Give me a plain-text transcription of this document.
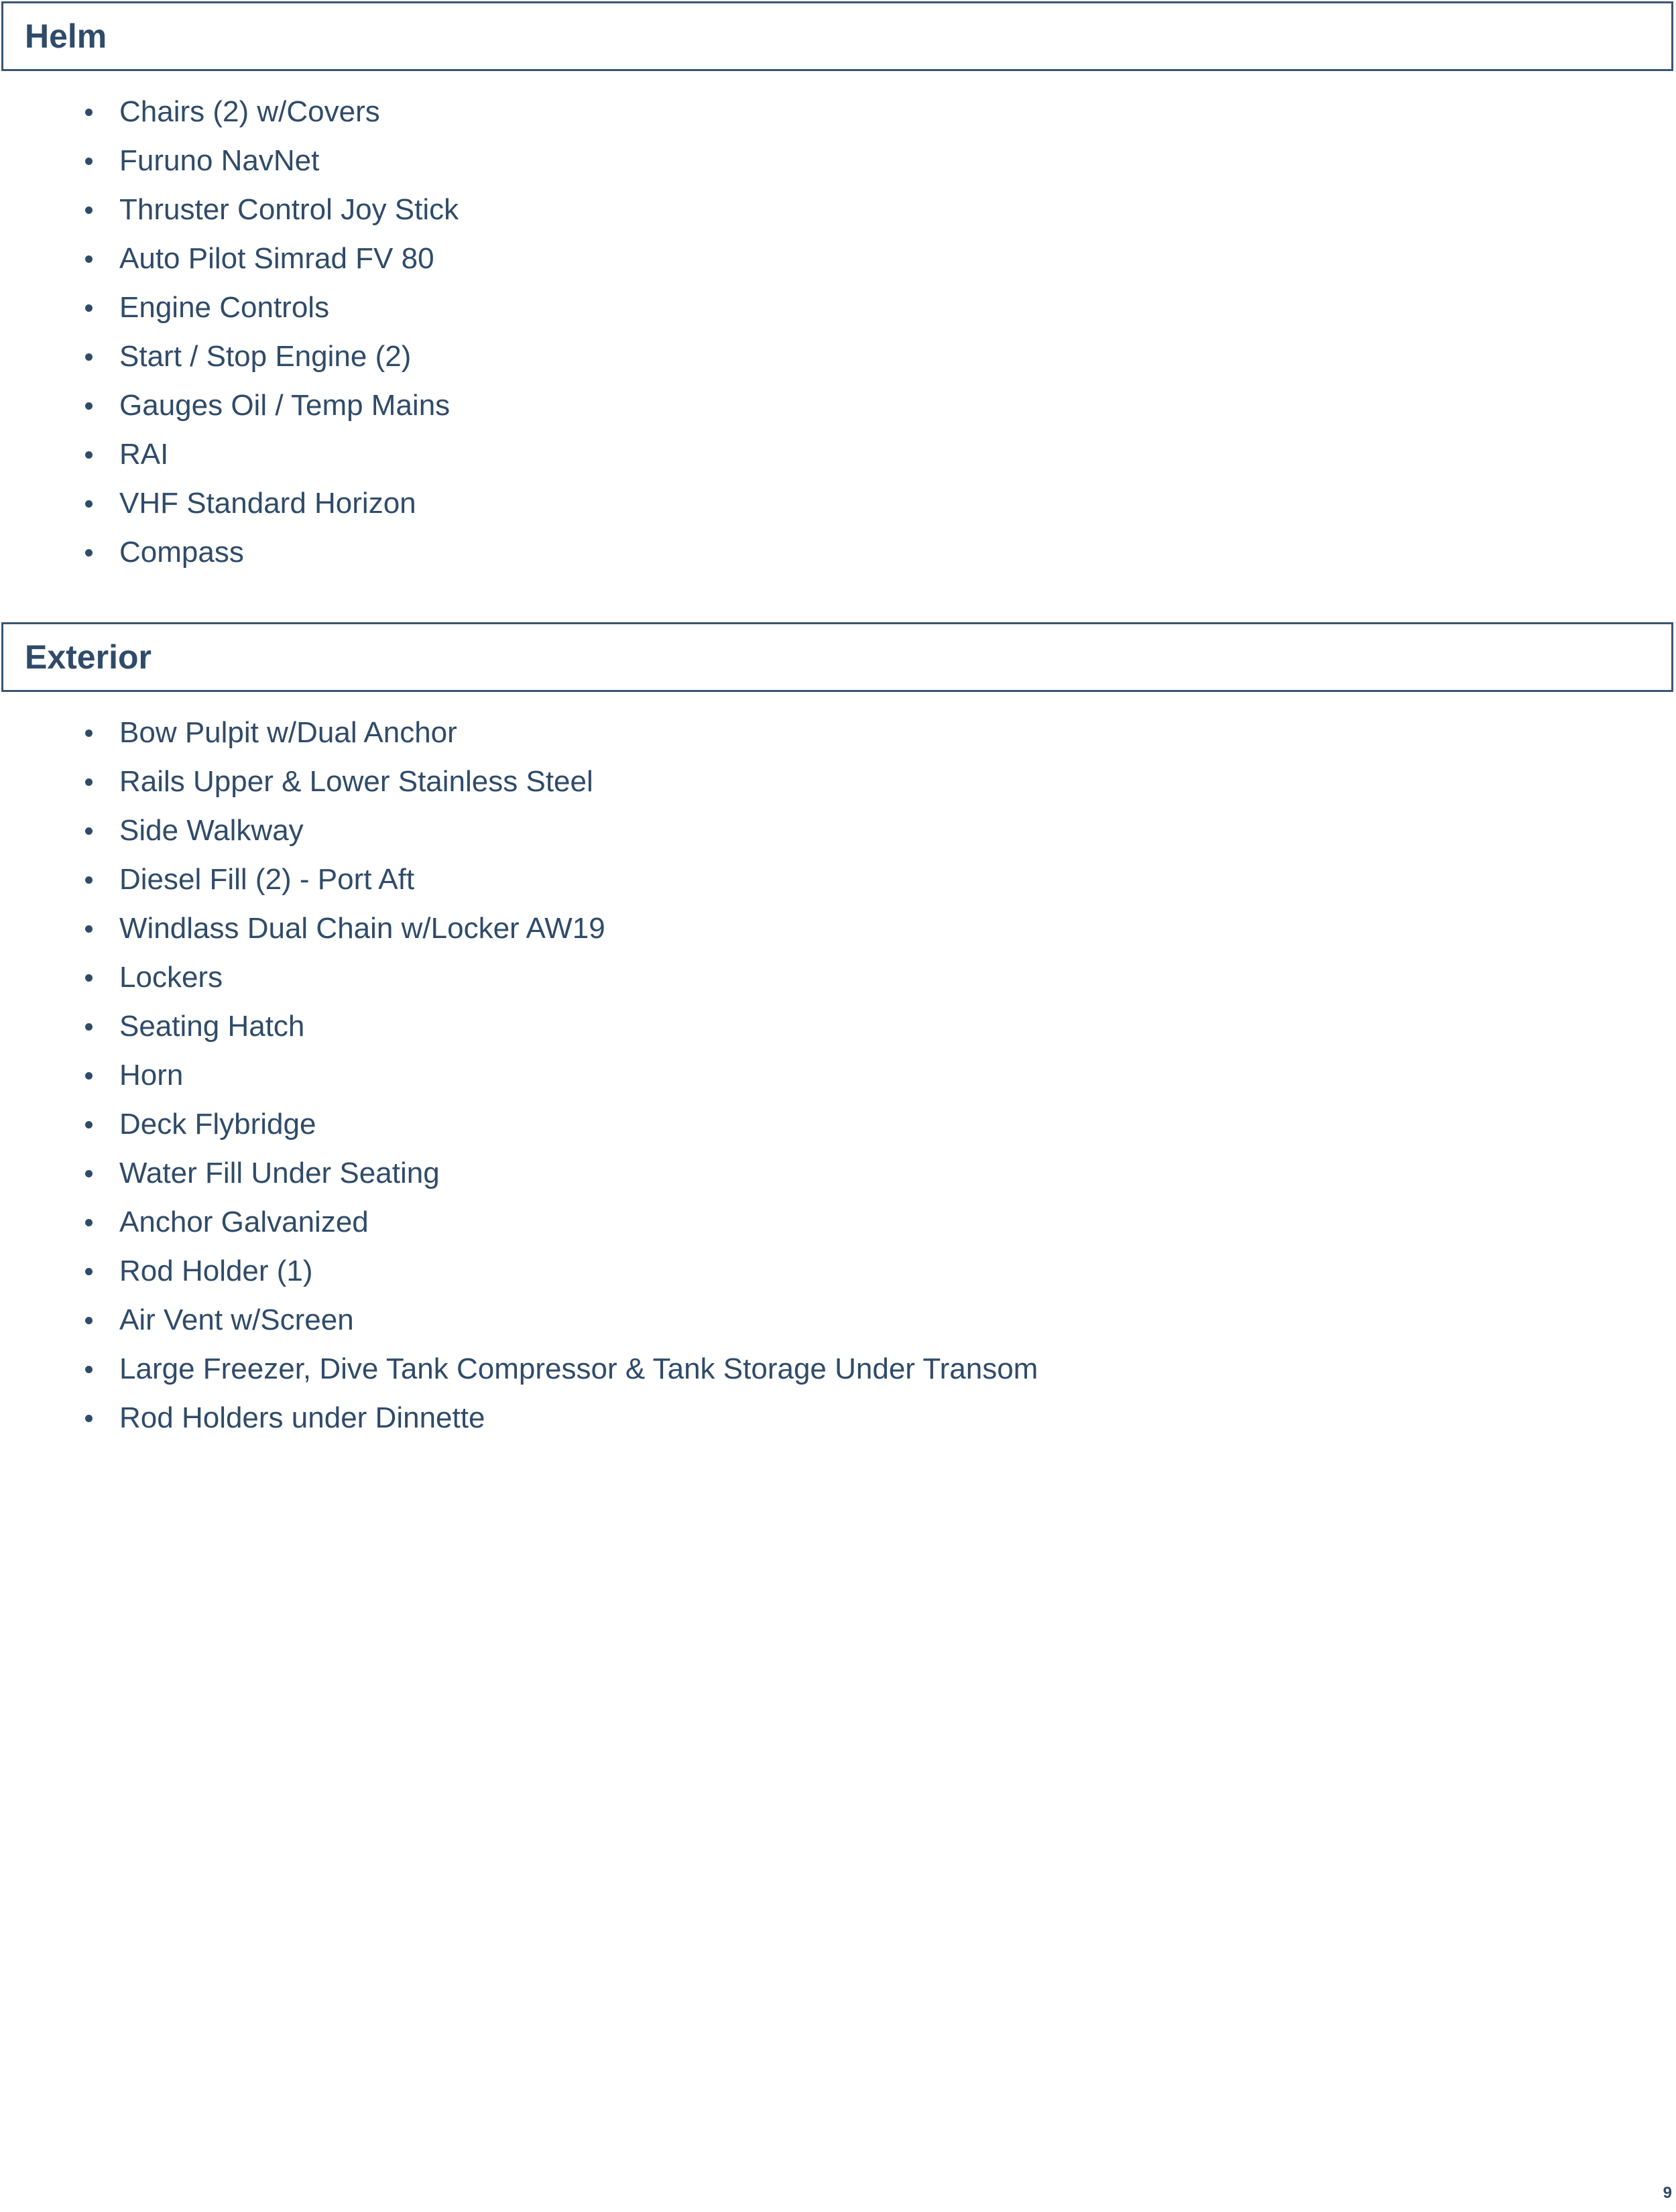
Helm
Chairs (2) w/Covers
Furuno NavNet
Thruster Control Joy Stick
Auto Pilot Simrad FV 80
Engine Controls
Start / Stop Engine (2)
Gauges Oil / Temp Mains
RAI
VHF Standard Horizon
Compass
Exterior
Bow Pulpit w/Dual Anchor
Rails Upper & Lower Stainless Steel
Side Walkway
Diesel Fill (2) - Port Aft
Windlass Dual Chain w/Locker AW19
Lockers
Seating Hatch
Horn
Deck Flybridge
Water Fill Under Seating
Anchor Galvanized
Rod Holder (1)
Air Vent w/Screen
Large Freezer, Dive Tank Compressor & Tank Storage Under Transom
Rod Holders under Dinnette
9
